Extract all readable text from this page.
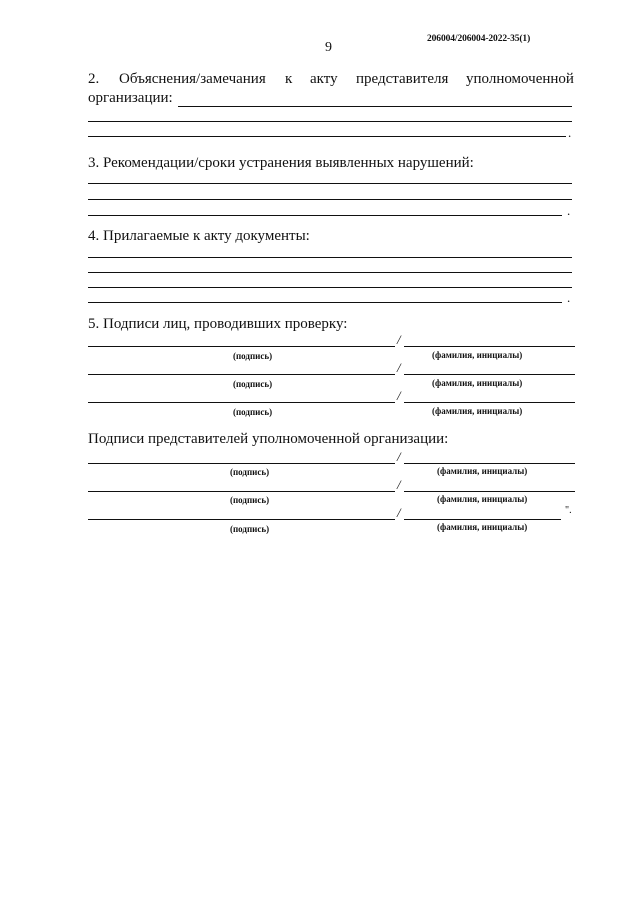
9
206004/206004-2022-35(1)
2. Объяснения/замечания к акту представителя уполномоченной
организации:
.
3. Рекомендации/сроки устранения выявленных нарушений:
.
4. Прилагаемые к акту документы:
.
5. Подписи лиц, проводивших проверку:
/
(подпись)	(фамилия, инициалы)
/
(подпись)	(фамилия, инициалы)
/
(подпись)	(фамилия, инициалы)
Подписи представителей уполномоченной организации:
/
(подпись)	(фамилия, инициалы)
/
(подпись)	(фамилия, инициалы)
/	".
(подпись)	(фамилия, инициалы)
